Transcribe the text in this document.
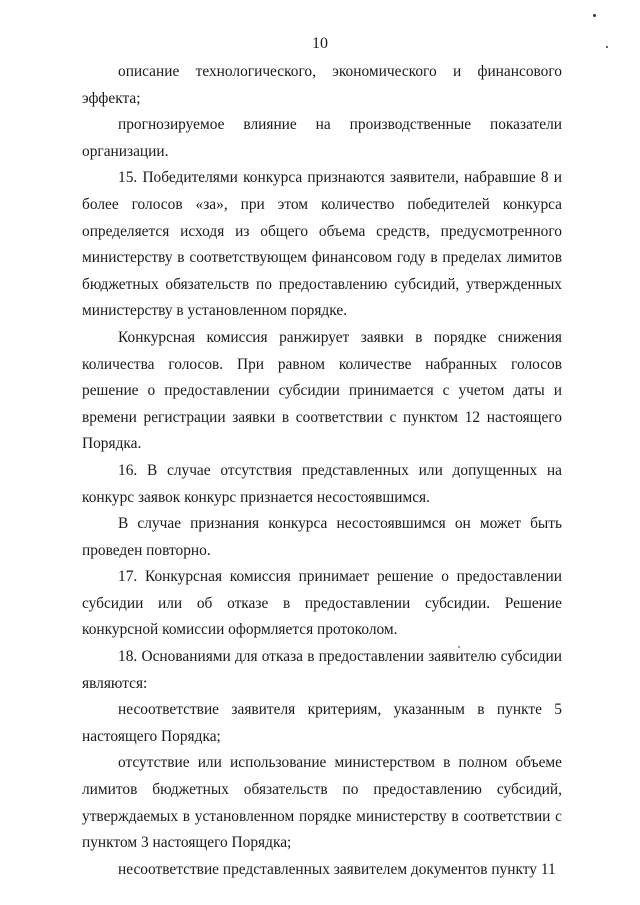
10

описание технологического, экономического и финансового эффекта;

прогнозируемое влияние на производственные показатели организации.

15. Победителями конкурса признаются заявители, набравшие 8 и более голосов «за», при этом количество победителей конкурса определяется исходя из общего объема средств, предусмотренного министерству в соответствующем финансовом году в пределах лимитов бюджетных обязательств по предоставлению субсидий, утвержденных министерству в установленном порядке.

Конкурсная комиссия ранжирует заявки в порядке снижения количества голосов. При равном количестве набранных голосов решение о предоставлении субсидии принимается с учетом даты и времени регистрации заявки в соответствии с пунктом 12 настоящего Порядка.

16. В случае отсутствия представленных или допущенных на конкурс заявок конкурс признается несостоявшимся.

В случае признания конкурса несостоявшимся он может быть проведен повторно.

17. Конкурсная комиссия принимает решение о предоставлении субсидии или об отказе в предоставлении субсидии. Решение конкурсной комиссии оформляется протоколом.

18. Основаниями для отказа в предоставлении заявителю субсидии являются:

несоответствие заявителя критериям, указанным в пункте 5 настоящего Порядка;

отсутствие или использование министерством в полном объеме лимитов бюджетных обязательств по предоставлению субсидий, утверждаемых в установленном порядке министерству в соответствии с пунктом 3 настоящего Порядка;

несоответствие представленных заявителем документов пункту 11
